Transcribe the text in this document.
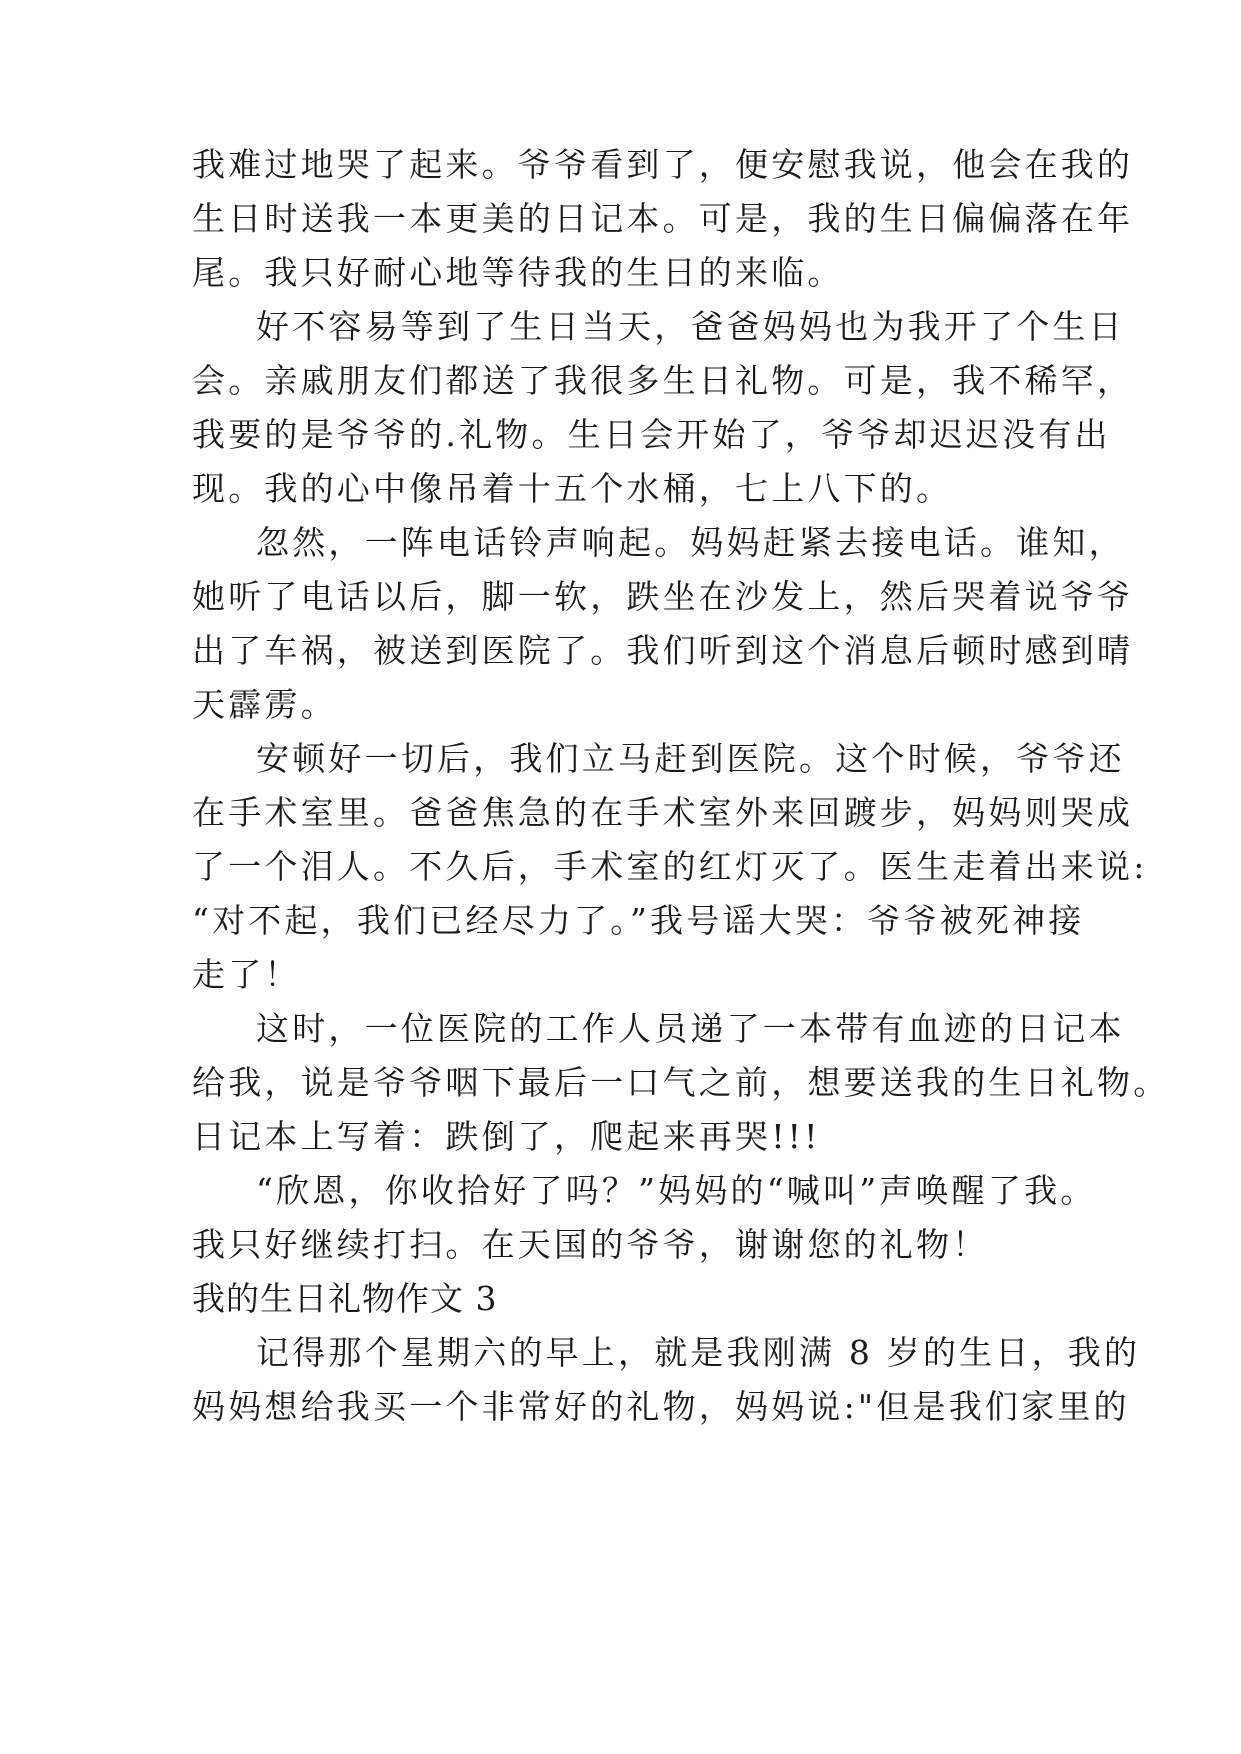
我难过地哭了起来。爷爷看到了，便安慰我说，他会在我的
生日时送我一本更美的日记本。可是，我的生日偏偏落在年
尾。我只好耐心地等待我的生日的来临。
好不容易等到了生日当天，爸爸妈妈也为我开了个生日
会。亲戚朋友们都送了我很多生日礼物。可是，我不稀罕，
我要的是爷爷的.礼物。生日会开始了，爷爷却迟迟没有出
现。我的心中像吊着十五个水桶，七上八下的。
忽然，一阵电话铃声响起。妈妈赶紧去接电话。谁知，
她听了电话以后，脚一软，跌坐在沙发上，然后哭着说爷爷
出了车祸，被送到医院了。我们听到这个消息后顿时感到晴
天霹雳。
安顿好一切后，我们立马赶到医院。这个时候，爷爷还
在手术室里。爸爸焦急的在手术室外来回踱步，妈妈则哭成
了一个泪人。不久后，手术室的红灯灭了。医生走着出来说:
“对不起，我们已经尽力了。”我号谣大哭：爷爷被死神接
走了！
这时，一位医院的工作人员递了一本带有血迹的日记本
给我，说是爷爷咽下最后一口气之前，想要送我的生日礼物。
日记本上写着：跌倒了，爬起来再哭!!!
“欣恩，你收拾好了吗？”妈妈的“喊叫”声唤醒了我。
我只好继续打扫。在天国的爷爷，谢谢您的礼物！
我的生日礼物作文 3
记得那个星期六的早上，就是我刚满 8 岁的生日，我的
妈妈想给我买一个非常好的礼物，妈妈说:"但是我们家里的
